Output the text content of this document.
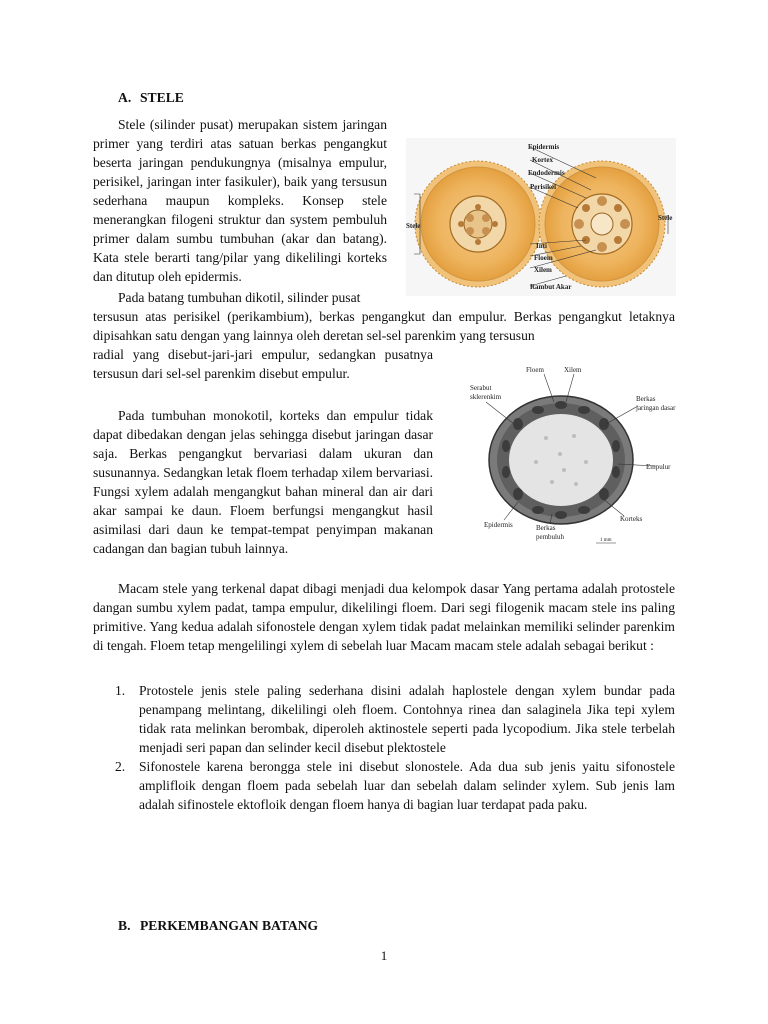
A. STELE
Epidermis
Kortex
Endodermis
Perisikel
Stele
Stele
Inti
Floem
Xilem
Rambut Akar
Floem	Xilem
Serabut
sklerenkim	Berkas
jaringan dasar
Empulur
Korteks
Epidermis	Berkas
pembuluh	1 mm

Stele (silinder pusat) merupakan sistem jaringan primer yang terdiri atas satuan berkas pengangkut beserta jaringan pendukungnya (misalnya empulur, perisikel, jaringan inter fasikuler), baik yang tersusun sederhana maupun kompleks. Konsep stele menerangkan filogeni struktur dan system pembuluh primer dalam sumbu tumbuhan (akar dan batang). Kata stele berarti tang/pilar yang dikelilingi korteks dan ditutup oleh epidermis.

Pada batang tumbuhan dikotil, silinder pusat

tersusun atas perisikel (perikambium), berkas pengangkut dan empulur. Berkas pengangkut letaknya dipisahkan satu dengan yang lainnya oleh deretan sel-sel parenkim yang tersusun

radial yang disebut-jari-jari empulur, sedangkan pusatnya tersusun dari sel-sel parenkim disebut empulur.

Pada tumbuhan monokotil, korteks dan empulur tidak dapat dibedakan dengan jelas sehingga disebut jaringan dasar saja. Berkas pengangkut bervariasi dalam ukuran dan susunannya. Sedangkan letak floem terhadap xilem bervariasi. Fungsi xylem adalah mengangkut bahan mineral dan air dari akar sampai ke daun. Floem berfungsi mengangkut hasil asimilasi dari daun ke tempat-tempat penyimpan makanan cadangan dan bagian tubuh lainnya.

Macam stele yang terkenal dapat dibagi menjadi dua kelompok dasar Yang pertama adalah protostele dangan sumbu xylem padat, tampa empulur, dikelilingi floem. Dari segi filogenik macam stele ins paling primitive. Yang kedua adalah sifonostele dengan xylem tidak padat melainkan memiliki selinder parenkim di tengah. Floem tetap mengelilingi xylem di sebelah luar Macam macam stele adalah sebagai berikut :

1. Protostele jenis stele paling sederhana disini adalah haplostele dengan xylem bundar pada penampang melintang, dikelilingi oleh floem. Contohnya rinea dan salaginela Jika tepi xylem tidak rata melinkan berombak, diperoleh aktinostele seperti pada lycopodium. Jika stele terbelah menjadi seri papan dan selinder kecil disebut plektostele
2. Sifonostele karena berongga stele ini disebut slonostele. Ada dua sub jenis yaitu sifonostele amplifloik dengan floem pada sebelah luar dan sebelah dalam selinder xylem. Sub jenis lam adalah sifinostele ektofloik dengan floem hanya di bagian luar terdapat pada paku.
B. PERKEMBANGAN BATANG
1
